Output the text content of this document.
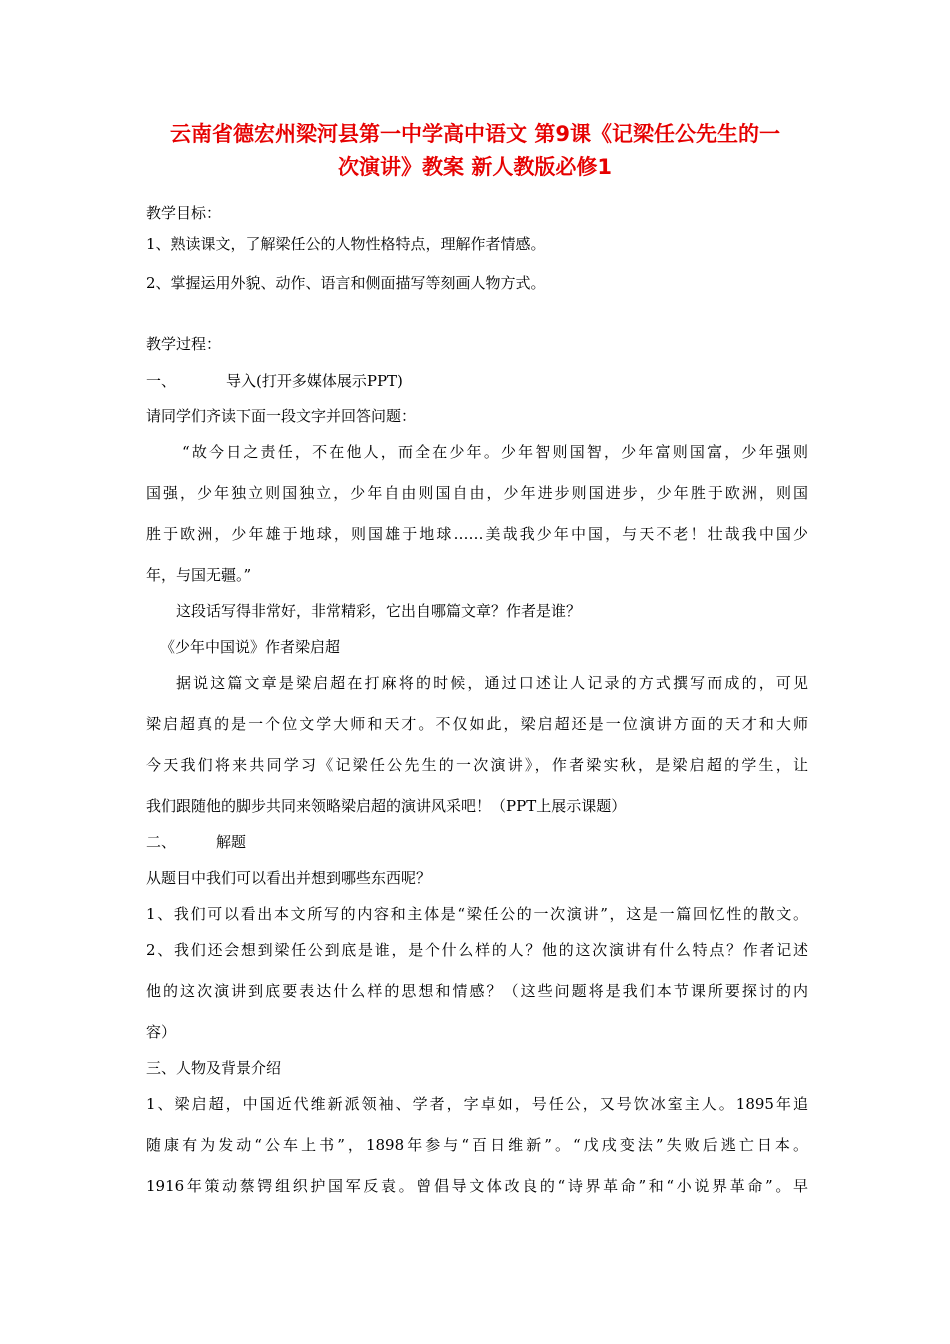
云南省德宏州梁河县第一中学高中语文 第9课《记梁任公先生的一
次演讲》教案 新人教版必修1
教学目标：
1、熟读课文，了解梁任公的人物性格特点，理解作者情感。
2、掌握运用外貌、动作、语言和侧面描写等刻画人物方式。
教学过程：
一、	导入(打开多媒体展示PPT)
请同学们齐读下面一段文字并回答问题：
“故今日之责任，不在他人，而全在少年。少年智则国智，少年富则国富，少年强则
国强，少年独立则国独立，少年自由则国自由，少年进步则国进步，少年胜于欧洲，则国
胜于欧洲，少年雄于地球，则国雄于地球……美哉我少年中国，与天不老！壮哉我中国少
年，与国无疆。”
这段话写得非常好，非常精彩，它出自哪篇文章？作者是谁？
《少年中国说》作者梁启超
据说这篇文章是梁启超在打麻将的时候，通过口述让人记录的方式撰写而成的，可见
梁启超真的是一个位文学大师和天才。不仅如此，梁启超还是一位演讲方面的天才和大师
今天我们将来共同学习《记梁任公先生的一次演讲》，作者梁实秋，是梁启超的学生，让
我们跟随他的脚步共同来领略梁启超的演讲风采吧！（PPT上展示课题）
二、	解题
从题目中我们可以看出并想到哪些东西呢？
1、我们可以看出本文所写的内容和主体是“梁任公的一次演讲”，这是一篇回忆性的散文。
2、我们还会想到梁任公到底是谁，是个什么样的人？他的这次演讲有什么特点？作者记述
他的这次演讲到底要表达什么样的思想和情感？（这些问题将是我们本节课所要探讨的内
容）
三、人物及背景介绍
1、梁启超，中国近代维新派领袖、学者，字卓如，号任公，又号饮冰室主人。1895年追
随康有为发动“公车上书”，1898年参与“百日维新”。“戊戌变法”失败后逃亡日本。
1916年策动蔡锷组织护国军反袁。曾倡导文体改良的“诗界革命”和“小说界革命”。早
